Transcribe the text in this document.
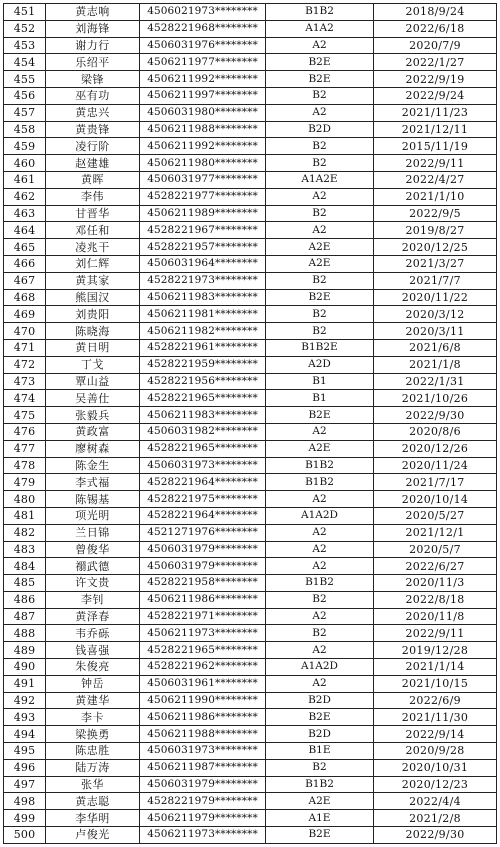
451	黄志响	4506021973********	B1B2	2018/9/24
452	刘海锋	4528221968********	A1A2	2022/6/18
453	谢力行	4506031976********	A2	2020/7/9
454	乐绍平	4506211977********	B2E	2022/1/27
455	梁锋	4506211992********	B2E	2022/9/19
456	巫有功	4506211997********	B2	2022/9/24
457	黄忠兴	4506031980********	A2	2021/11/23
458	黄贵锋	4506211988********	B2D	2021/12/11
459	凌行阶	4506211992********	B2	2015/11/19
460	赵建雄	4506211980********	B2	2022/9/11
461	黄晖	4506031977********	A1A2E	2022/4/27
462	李伟	4528221977********	A2	2021/1/10
463	甘晋华	4506211989********	B2	2022/9/5
464	邓任和	4528221967********	A2	2019/8/27
465	凌兆干	4528221957********	A2E	2020/12/25
466	刘仁辉	4506031964********	A2E	2021/3/27
467	黄其家	4528221973********	B2	2021/7/7
468	熊国汉	4506211983********	B2E	2020/11/22
469	刘贵阳	4506211981********	B2	2020/3/12
470	陈晓海	4506211982********	B2	2020/3/11
471	黄日明	4528221961********	B1B2E	2021/6/8
472	丁戈	4528221959********	A2D	2021/1/8
473	覃山益	4528221956********	B1	2022/1/31
474	吴善仕	4528221965********	B1	2021/10/26
475	张毅兵	4506211983********	B2E	2022/9/30
476	黄政富	4506031982********	A2	2020/8/6
477	廖树森	4528221965********	A2E	2020/12/26
478	陈金生	4506031973********	B1B2	2020/11/24
479	李式福	4528221964********	B1B2	2021/7/17
480	陈锡基	4528221975********	A2	2020/10/14
481	项光明	4528221964********	A1A2D	2020/5/27
482	兰日锦	4521271976********	A2	2021/12/1
483	曾俊华	4506031979********	A2	2020/5/7
484	禤武德	4506031979********	A2	2022/6/27
485	许文贵	4528221958********	B1B2	2020/11/3
486	李钊	4506211986********	B2	2022/8/18
487	黄泽春	4528221971********	A2	2020/11/8
488	韦乔砾	4506211973********	B2	2022/9/11
489	钱喜强	4528221965********	A2	2019/12/28
490	朱俊亮	4528221962********	A1A2D	2021/1/14
491	钟岳	4506031961********	A2	2021/10/15
492	黄建华	4506211990********	B2D	2022/6/9
493	李卡	4506211986********	B2E	2021/11/30
494	梁换勇	4506211988********	B2D	2022/9/14
495	陈忠胜	4506031973********	B1E	2020/9/28
496	陆万涛	4506211987********	B2	2020/10/31
497	张华	4506031979********	B1B2	2020/12/23
498	黄志聪	4528221979********	A2E	2022/4/4
499	李华明	4506211979********	A1E	2021/2/8
500	卢俊光	4506211973********	B2E	2022/9/30
